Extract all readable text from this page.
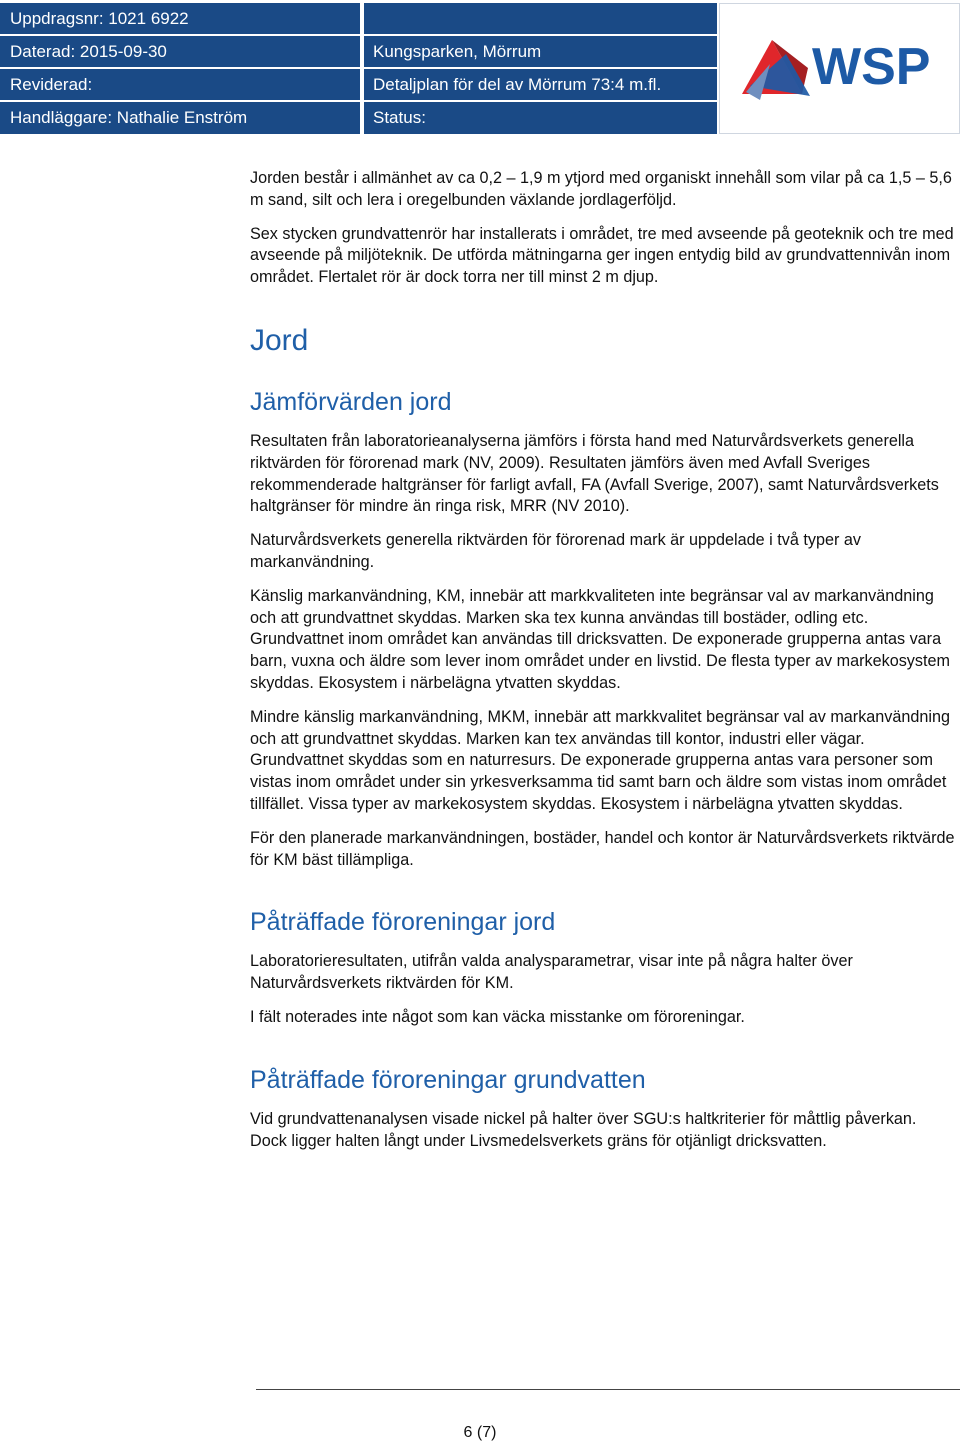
Uppdragsnr: 1021 6922
Daterad: 2015-09-30
Reviderad:
Handläggare: Nathalie Enström
Kungsparken, Mörrum
Detaljplan för del av Mörrum 73:4 m.fl.
Status:
WSP

Jorden består i allmänhet av ca 0,2 – 1,9 m ytjord med organiskt innehåll som vilar på ca 1,5 – 5,6 m sand, silt och lera i oregelbunden växlande jordlagerföljd.

Sex stycken grundvattenrör har installerats i området, tre med avseende på geoteknik och tre med avseende på miljöteknik. De utförda mätningarna ger ingen entydig bild av grundvattennivån inom området. Flertalet rör är dock torra ner till minst 2 m djup.

Jord
Jämförvärden jord

Resultaten från laboratorieanalyserna jämförs i första hand med Naturvårdsverkets generella riktvärden för förorenad mark (NV, 2009). Resultaten jämförs även med Avfall Sveriges rekommenderade haltgränser för farligt avfall, FA (Avfall Sverige, 2007), samt Naturvårdsverkets haltgränser för mindre än ringa risk, MRR (NV 2010).

Naturvårdsverkets generella riktvärden för förorenad mark är uppdelade i två typer av markanvändning.

Känslig markanvändning, KM, innebär att markkvaliteten inte begränsar val av markanvändning och att grundvattnet skyddas. Marken ska tex kunna användas till bostäder, odling etc. Grundvattnet inom området kan användas till dricksvatten. De exponerade grupperna antas vara barn, vuxna och äldre som lever inom området under en livstid. De flesta typer av markekosystem skyddas. Ekosystem i närbelägna ytvatten skyddas.

Mindre känslig markanvändning, MKM, innebär att markkvalitet begränsar val av markanvändning och att grundvattnet skyddas. Marken kan tex användas till kontor, industri eller vägar. Grundvattnet skyddas som en naturresurs. De exponerade grupperna antas vara personer som vistas inom området under sin yrkesverksamma tid samt barn och äldre som vistas inom området tillfället. Vissa typer av markekosystem skyddas. Ekosystem i närbelägna ytvatten skyddas.

För den planerade markanvändningen, bostäder, handel och kontor är Naturvårdsverkets riktvärde för KM bäst tillämpliga.

Påträffade föroreningar jord

Laboratorieresultaten, utifrån valda analysparametrar, visar inte på några halter över Naturvårdsverkets riktvärden för KM.

I fält noterades inte något som kan väcka misstanke om föroreningar.

Påträffade föroreningar grundvatten

Vid grundvattenanalysen visade nickel på halter över SGU:s haltkriterier för måttlig påverkan. Dock ligger halten långt under Livsmedelsverkets gräns för otjänligt dricksvatten.

6 (7)
